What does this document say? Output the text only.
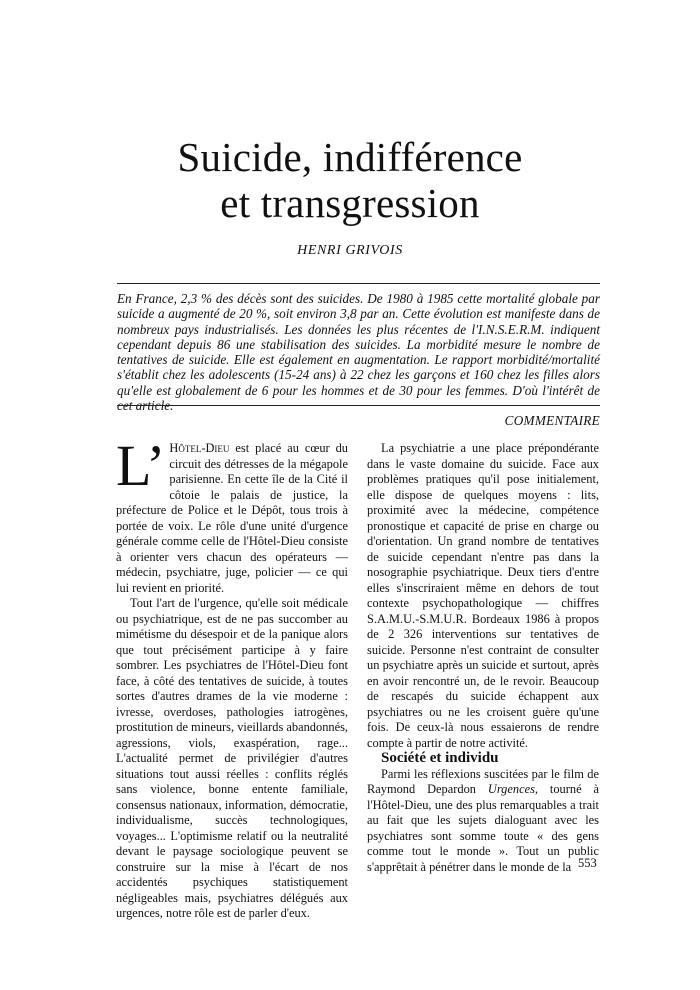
Suicide, indifférence
et transgression
HENRI GRIVOIS

En France, 2,3 % des décès sont des suicides. De 1980 à 1985 cette mortalité globale par suicide a augmenté de 20 %, soit environ 3,8 par an. Cette évolution est manifeste dans de nombreux pays industrialisés. Les données les plus récentes de l'I.N.S.E.R.M. indiquent cependant depuis 86 une stabilisation des suicides. La morbidité mesure le nombre de tentatives de suicide. Elle est également en augmentation. Le rapport morbidité/mortalité s'établit chez les adolescents (15-24 ans) à 22 chez les garçons et 160 chez les filles alors qu'elle est globalement de 6 pour les hommes et de 30 pour les femmes. D'où l'intérêt de cet article.
COMMENTAIRE

L’ Hôtel-Dieu est placé au cœur du circuit des détresses de la mégapole parisienne. En cette île de la Cité il côtoie le palais de justice, la préfecture de Police et le Dépôt, tous trois à portée de voix. Le rôle d'une unité d'urgence générale comme celle de l'Hôtel-Dieu consiste à orienter vers chacun des opérateurs — médecin, psychiatre, juge, policier — ce qui lui revient en priorité.

Tout l'art de l'urgence, qu'elle soit médicale ou psychiatrique, est de ne pas succomber au mimétisme du désespoir et de la panique alors que tout précisément participe à y faire sombrer. Les psychiatres de l'Hôtel-Dieu font face, à côté des tentatives de suicide, à toutes sortes d'autres drames de la vie moderne : ivresse, overdoses, pathologies iatrogènes, prostitution de mineurs, vieillards abandonnés, agressions, viols, exaspération, rage... L'actualité permet de privilégier d'autres situations tout aussi réelles : conflits réglés sans violence, bonne entente familiale, consensus nationaux, information, démocratie, individualisme, succès technologiques, voyages... L'optimisme relatif ou la neutralité devant le paysage sociologique peuvent se construire sur la mise à l'écart de nos accidentés psychiques statistiquement négligeables mais, psychiatres délégués aux urgences, notre rôle est de parler d'eux.

La psychiatrie a une place prépondérante dans le vaste domaine du suicide. Face aux problèmes pratiques qu'il pose initialement, elle dispose de quelques moyens : lits, proximité avec la médecine, compétence pronostique et capacité de prise en charge ou d'orientation. Un grand nombre de tentatives de suicide cependant n'entre pas dans la nosographie psychiatrique. Deux tiers d'entre elles s'inscriraient même en dehors de tout contexte psychopathologique — chiffres S.A.M.U.-S.M.U.R. Bordeaux 1986 à propos de 2 326 interventions sur tentatives de suicide. Personne n'est contraint de consulter un psychiatre après un suicide et surtout, après en avoir rencontré un, de le revoir. Beaucoup de rescapés du suicide échappent aux psychiatres ou ne les croisent guère qu'une fois. De ceux-là nous essaierons de rendre compte à partir de notre activité.

Société et individu

Parmi les réflexions suscitées par le film de Raymond Depardon Urgences, tourné à l'Hôtel-Dieu, une des plus remarquables a trait au fait que les sujets dialoguant avec les psychiatres sont somme toute « des gens comme tout le monde ». Tout un public s'apprêtait à pénétrer dans le monde de la 553
